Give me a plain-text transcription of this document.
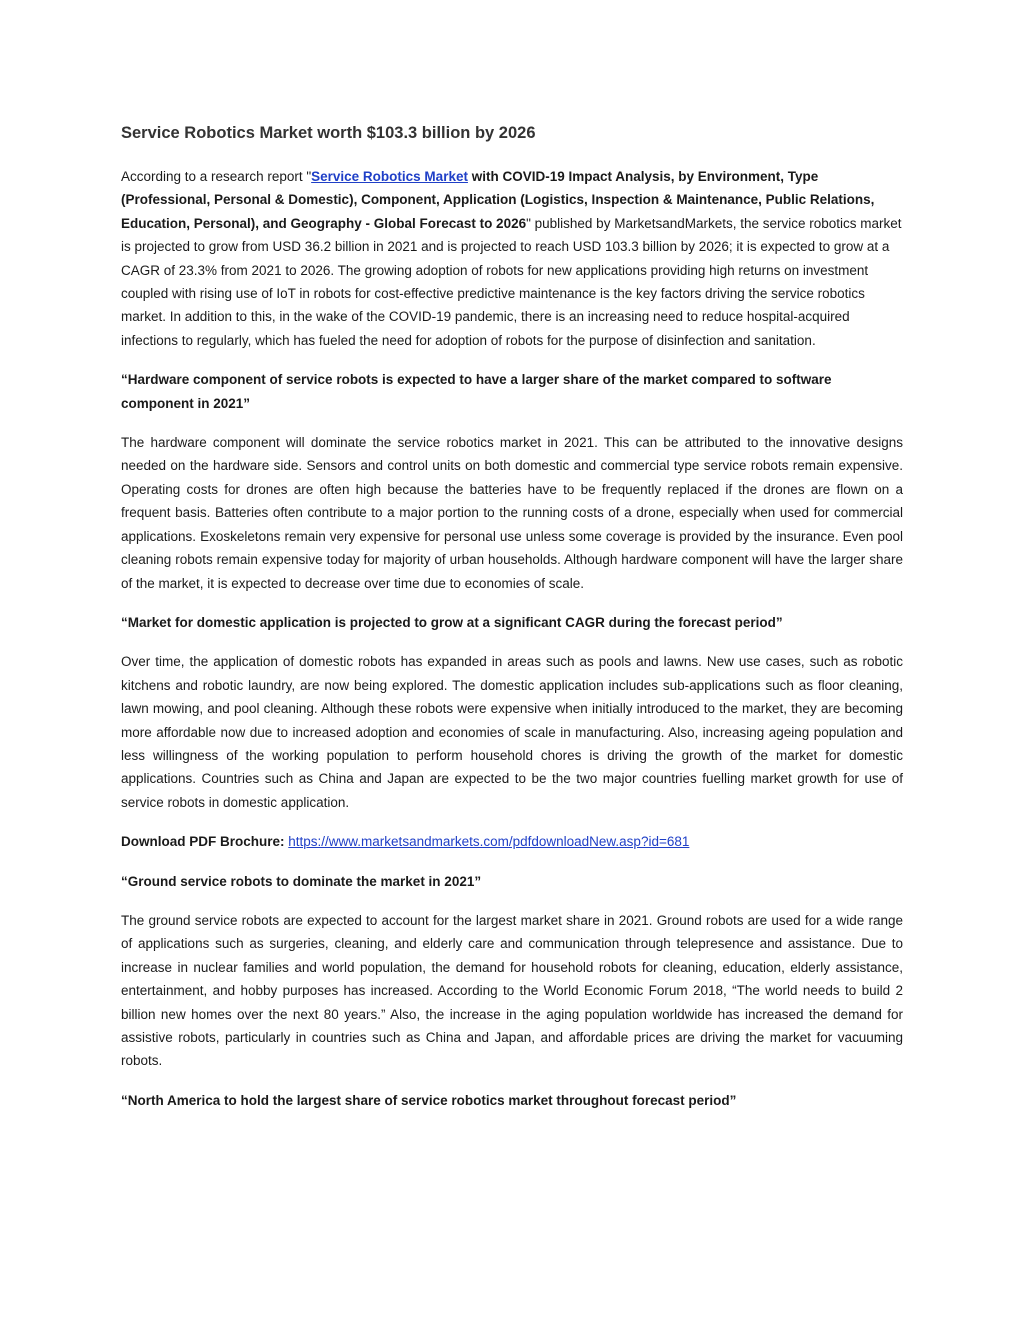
Service Robotics Market worth $103.3 billion by 2026

According to a research report "Service Robotics Market with COVID-19 Impact Analysis, by Environment, Type (Professional, Personal & Domestic), Component, Application (Logistics, Inspection & Maintenance, Public Relations, Education, Personal), and Geography - Global Forecast to 2026" published by MarketsandMarkets, the service robotics market is projected to grow from USD 36.2 billion in 2021 and is projected to reach USD 103.3 billion by 2026; it is expected to grow at a CAGR of 23.3% from 2021 to 2026. The growing adoption of robots for new applications providing high returns on investment coupled with rising use of IoT in robots for cost-effective predictive maintenance is the key factors driving the service robotics market. In addition to this, in the wake of the COVID-19 pandemic, there is an increasing need to reduce hospital-acquired infections to regularly, which has fueled the need for adoption of robots for the purpose of disinfection and sanitation.

“Hardware component of service robots is expected to have a larger share of the market compared to software component in 2021”

The hardware component will dominate the service robotics market in 2021. This can be attributed to the innovative designs needed on the hardware side. Sensors and control units on both domestic and commercial type service robots remain expensive. Operating costs for drones are often high because the batteries have to be frequently replaced if the drones are flown on a frequent basis. Batteries often contribute to a major portion to the running costs of a drone, especially when used for commercial applications. Exoskeletons remain very expensive for personal use unless some coverage is provided by the insurance. Even pool cleaning robots remain expensive today for majority of urban households. Although hardware component will have the larger share of the market, it is expected to decrease over time due to economies of scale.

“Market for domestic application is projected to grow at a significant CAGR during the forecast period”

Over time, the application of domestic robots has expanded in areas such as pools and lawns. New use cases, such as robotic kitchens and robotic laundry, are now being explored. The domestic application includes sub-applications such as floor cleaning, lawn mowing, and pool cleaning. Although these robots were expensive when initially introduced to the market, they are becoming more affordable now due to increased adoption and economies of scale in manufacturing. Also, increasing ageing population and less willingness of the working population to perform household chores is driving the growth of the market for domestic applications. Countries such as China and Japan are expected to be the two major countries fuelling market growth for use of service robots in domestic application.

Download PDF Brochure: https://www.marketsandmarkets.com/pdfdownloadNew.asp?id=681

“Ground service robots to dominate the market in 2021”

The ground service robots are expected to account for the largest market share in 2021. Ground robots are used for a wide range of applications such as surgeries, cleaning, and elderly care and communication through telepresence and assistance. Due to increase in nuclear families and world population, the demand for household robots for cleaning, education, elderly assistance, entertainment, and hobby purposes has increased. According to the World Economic Forum 2018, “The world needs to build 2 billion new homes over the next 80 years.” Also, the increase in the aging population worldwide has increased the demand for assistive robots, particularly in countries such as China and Japan, and affordable prices are driving the market for vacuuming robots.

“North America to hold the largest share of service robotics market throughout forecast period”
